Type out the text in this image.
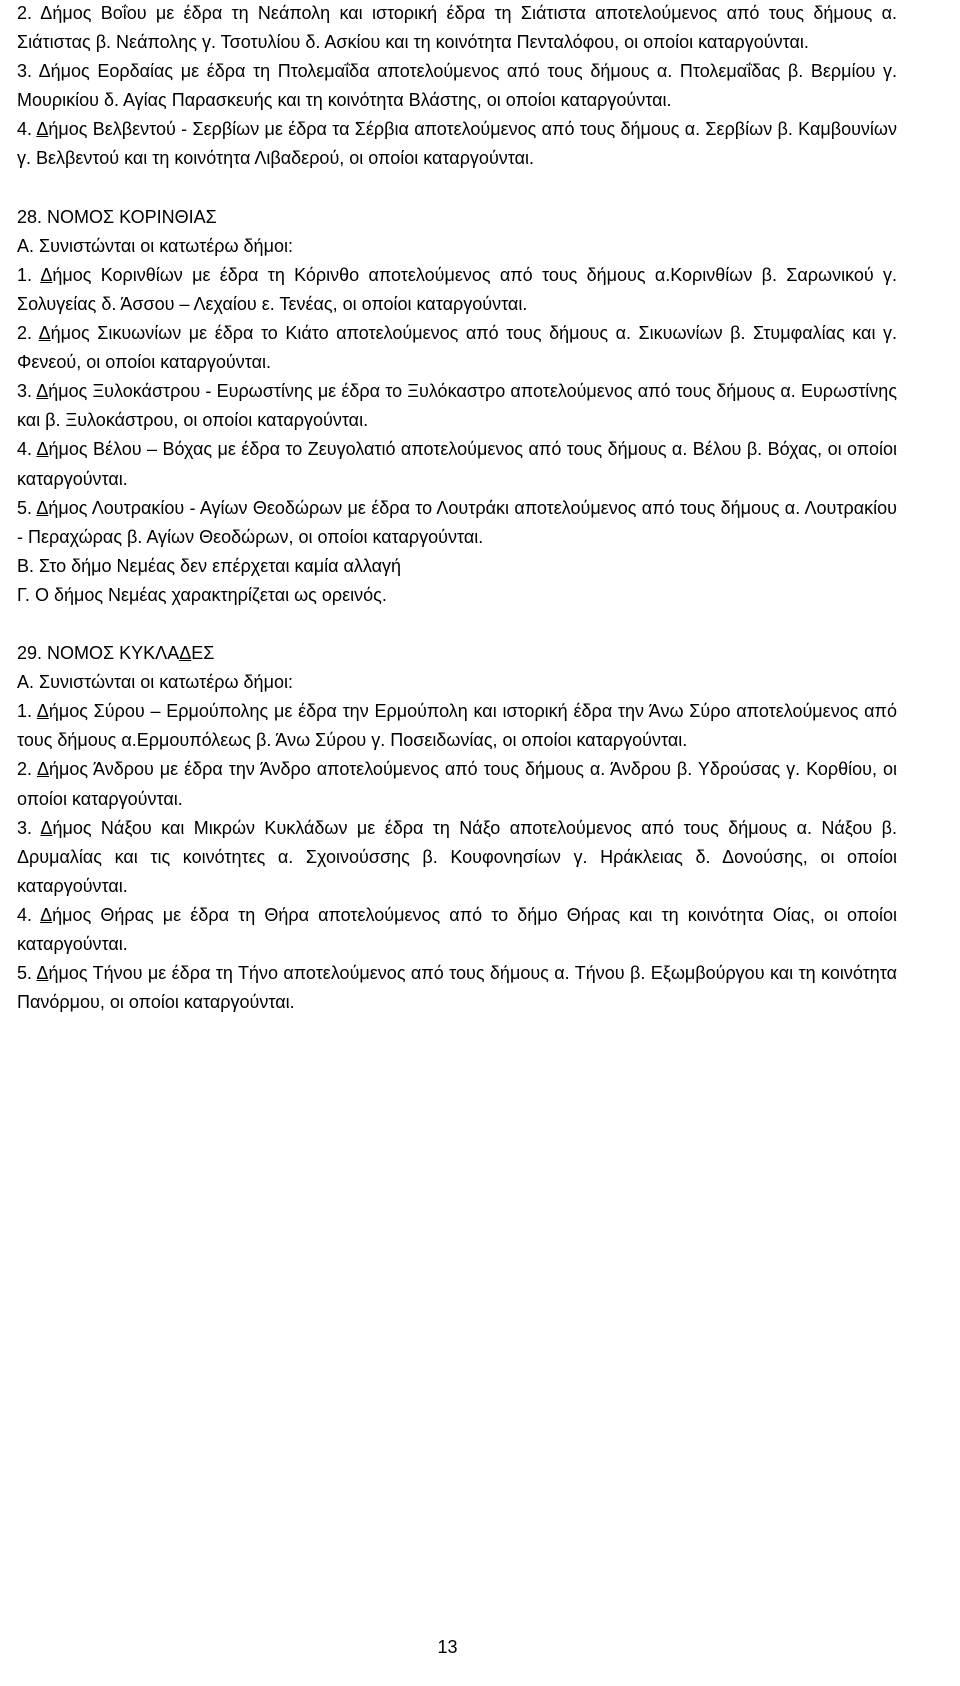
2. Δήμος Βοΐου με έδρα τη Νεάπολη και ιστορική έδρα τη Σιάτιστα αποτελούμενος από τους δήμους α. Σιάτιστας β. Νεάπολης γ. Τσοτυλίου δ. Ασκίου και τη κοινότητα Πενταλόφου, οι οποίοι καταργούνται.

3. Δήμος Εορδαίας με έδρα τη Πτολεμαΐδα αποτελούμενος από τους δήμους α. Πτολεμαΐδας β. Βερμίου γ. Μουρικίου δ. Αγίας Παρασκευής και τη κοινότητα Βλάστης, οι οποίοι καταργούνται.

4. Δήμος Βελβεντού - Σερβίων με έδρα τα Σέρβια αποτελούμενος από τους δήμους α. Σερβίων β. Καμβουνίων γ. Βελβεντού και τη κοινότητα Λιβαδερού, οι οποίοι καταργούνται.

28. ΝΟΜΟΣ ΚΟΡΙΝΘΙΑΣ

Α. Συνιστώνται οι κατωτέρω δήμοι:

1. Δήμος Κορινθίων με έδρα τη Κόρινθο αποτελούμενος από τους δήμους α.Κορινθίων β. Σαρωνικού γ. Σολυγείας δ. Άσσου – Λεχαίου ε. Τενέας, οι οποίοι καταργούνται.

2. Δήμος Σικυωνίων με έδρα το Κιάτο αποτελούμενος από τους δήμους α. Σικυωνίων β. Στυμφαλίας και γ. Φενεού, οι οποίοι καταργούνται.

3. Δήμος Ξυλοκάστρου - Ευρωστίνης με έδρα το Ξυλόκαστρο αποτελούμενος από τους δήμους α. Ευρωστίνης και β. Ξυλοκάστρου, οι οποίοι καταργούνται.

4. Δήμος Βέλου – Βόχας με έδρα το Ζευγολατιό αποτελούμενος από τους δήμους α. Βέλου β. Βόχας, οι οποίοι καταργούνται.

5. Δήμος Λουτρακίου - Αγίων Θεοδώρων με έδρα το Λουτράκι αποτελούμενος από τους δήμους α. Λουτρακίου - Περαχώρας β. Αγίων Θεοδώρων, οι οποίοι καταργούνται.

Β. Στο δήμο Νεμέας δεν επέρχεται καμία αλλαγή

Γ. Ο δήμος Νεμέας χαρακτηρίζεται ως ορεινός.

29. ΝΟΜΟΣ ΚΥΚΛΑΔΕΣ

Α. Συνιστώνται οι κατωτέρω δήμοι:

1. Δήμος Σύρου – Ερμούπολης με έδρα την Ερμούπολη και ιστορική έδρα την Άνω Σύρο αποτελούμενος από τους δήμους α.Ερμουπόλεως β. Άνω Σύρου γ. Ποσειδωνίας, οι οποίοι καταργούνται.

2. Δήμος Άνδρου με έδρα την Άνδρο αποτελούμενος από τους δήμους α. Άνδρου β. Υδρούσας γ. Κορθίου, οι οποίοι καταργούνται.

3. Δήμος Νάξου και Μικρών Κυκλάδων με έδρα τη Νάξο αποτελούμενος από τους δήμους α. Νάξου β. Δρυμαλίας και τις κοινότητες α. Σχοινούσσης β. Κουφονησίων γ. Ηράκλειας δ. Δονούσης, οι οποίοι καταργούνται.

4. Δήμος Θήρας με έδρα τη Θήρα αποτελούμενος από το δήμο Θήρας και τη κοινότητα Οίας, οι οποίοι καταργούνται.

5. Δήμος Τήνου με έδρα τη Τήνο αποτελούμενος από τους δήμους α. Τήνου β. Εξωμβούργου και τη κοινότητα Πανόρμου, οι οποίοι καταργούνται.

13
